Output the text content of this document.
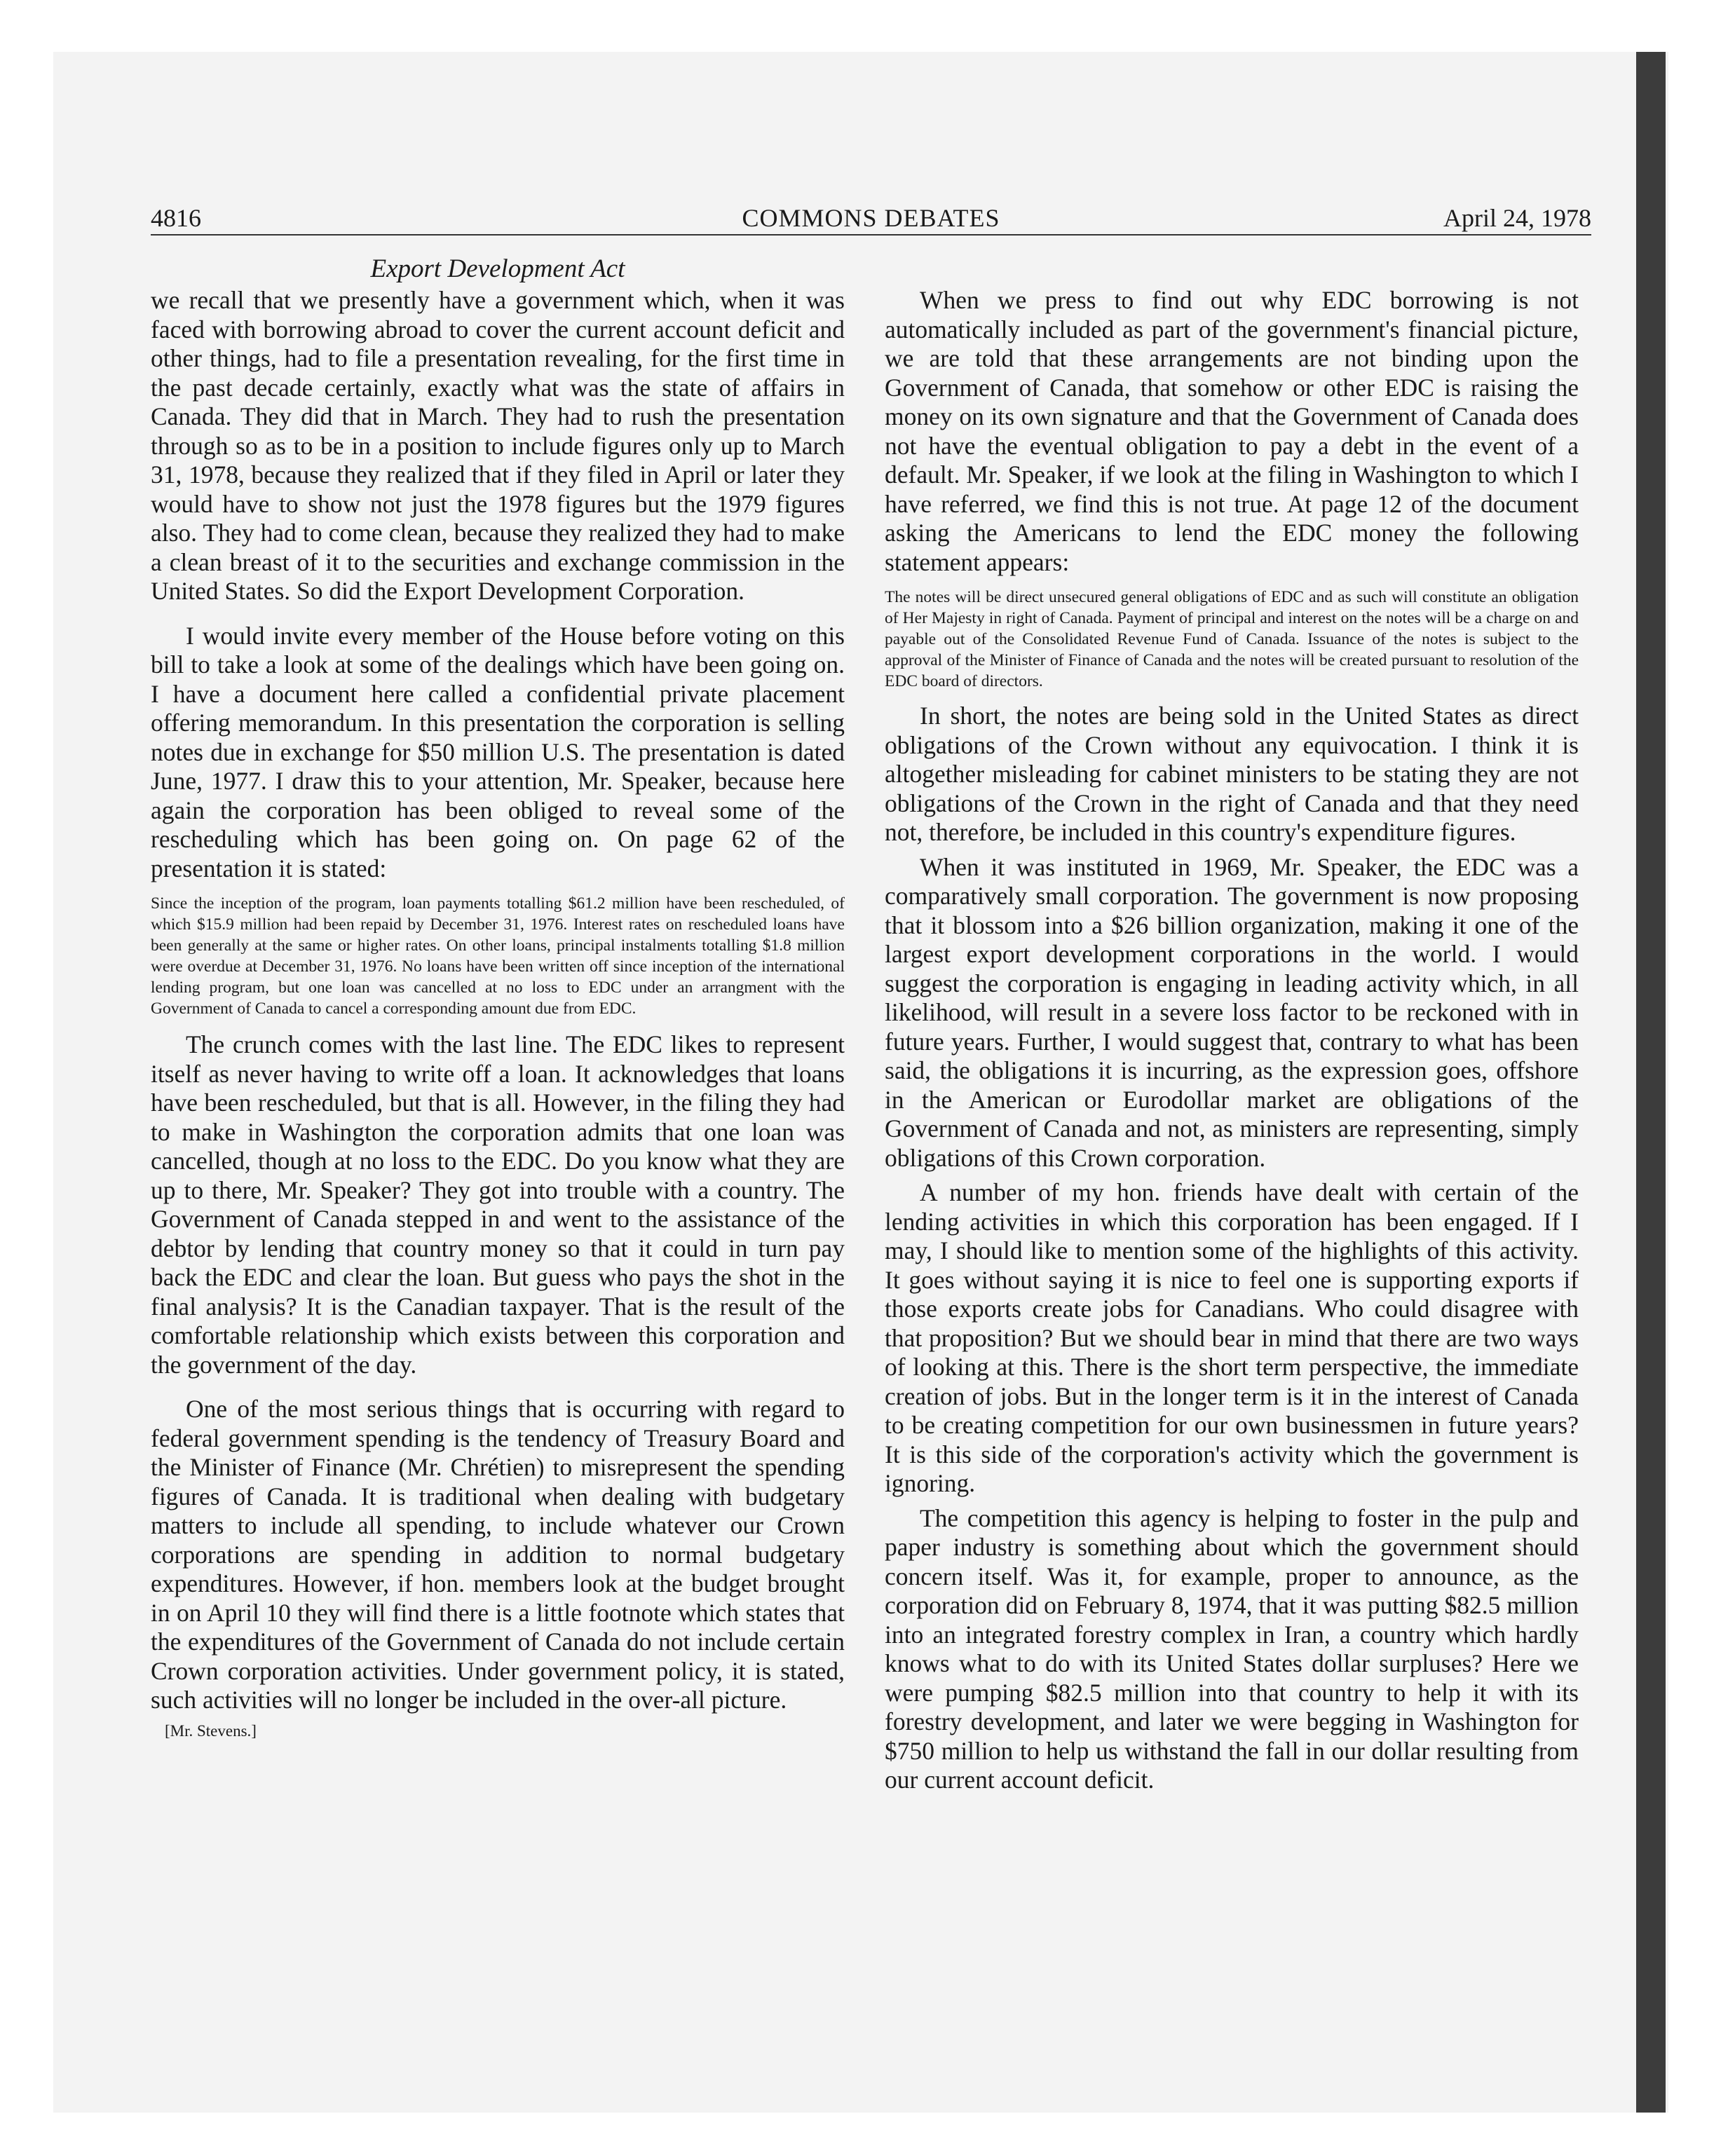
4816	COMMONS DEBATES	April 24, 1978
Export Development Act

we recall that we presently have a government which, when it was faced with borrowing abroad to cover the current account deficit and other things, had to file a presentation revealing, for the first time in the past decade certainly, exactly what was the state of affairs in Canada. They did that in March. They had to rush the presentation through so as to be in a position to include figures only up to March 31, 1978, because they realized that if they filed in April or later they would have to show not just the 1978 figures but the 1979 figures also. They had to come clean, because they realized they had to make a clean breast of it to the securities and exchange commission in the United States. So did the Export Development Corporation.

I would invite every member of the House before voting on this bill to take a look at some of the dealings which have been going on. I have a document here called a confidential private placement offering memorandum. In this presentation the corporation is selling notes due in exchange for $50 million U.S. The presentation is dated June, 1977. I draw this to your attention, Mr. Speaker, because here again the corporation has been obliged to reveal some of the rescheduling which has been going on. On page 62 of the presentation it is stated:

Since the inception of the program, loan payments totalling $61.2 million have been rescheduled, of which $15.9 million had been repaid by December 31, 1976. Interest rates on rescheduled loans have been generally at the same or higher rates. On other loans, principal instalments totalling $1.8 million were overdue at December 31, 1976. No loans have been written off since inception of the international lending program, but one loan was cancelled at no loss to EDC under an arrangment with the Government of Canada to cancel a corresponding amount due from EDC.

The crunch comes with the last line. The EDC likes to represent itself as never having to write off a loan. It acknowledges that loans have been rescheduled, but that is all. However, in the filing they had to make in Washington the corporation admits that one loan was cancelled, though at no loss to the EDC. Do you know what they are up to there, Mr. Speaker? They got into trouble with a country. The Government of Canada stepped in and went to the assistance of the debtor by lending that country money so that it could in turn pay back the EDC and clear the loan. But guess who pays the shot in the final analysis? It is the Canadian taxpayer. That is the result of the comfortable relationship which exists between this corporation and the government of the day.

One of the most serious things that is occurring with regard to federal government spending is the tendency of Treasury Board and the Minister of Finance (Mr. Chrétien) to misrepresent the spending figures of Canada. It is traditional when dealing with budgetary matters to include all spending, to include whatever our Crown corporations are spending in addition to normal budgetary expenditures. However, if hon. members look at the budget brought in on April 10 they will find there is a little footnote which states that the expenditures of the Government of Canada do not include certain Crown corporation activities. Under government policy, it is stated, such activities will no longer be included in the over-all picture.

[Mr. Stevens.]

When we press to find out why EDC borrowing is not automatically included as part of the government's financial picture, we are told that these arrangements are not binding upon the Government of Canada, that somehow or other EDC is raising the money on its own signature and that the Government of Canada does not have the eventual obligation to pay a debt in the event of a default. Mr. Speaker, if we look at the filing in Washington to which I have referred, we find this is not true. At page 12 of the document asking the Americans to lend the EDC money the following statement appears:

The notes will be direct unsecured general obligations of EDC and as such will constitute an obligation of Her Majesty in right of Canada. Payment of principal and interest on the notes will be a charge on and payable out of the Consolidated Revenue Fund of Canada. Issuance of the notes is subject to the approval of the Minister of Finance of Canada and the notes will be created pursuant to resolution of the EDC board of directors.

In short, the notes are being sold in the United States as direct obligations of the Crown without any equivocation. I think it is altogether misleading for cabinet ministers to be stating they are not obligations of the Crown in the right of Canada and that they need not, therefore, be included in this country's expenditure figures.

When it was instituted in 1969, Mr. Speaker, the EDC was a comparatively small corporation. The government is now proposing that it blossom into a $26 billion organization, making it one of the largest export development corporations in the world. I would suggest the corporation is engaging in leading activity which, in all likelihood, will result in a severe loss factor to be reckoned with in future years. Further, I would suggest that, contrary to what has been said, the obligations it is incurring, as the expression goes, offshore in the American or Eurodollar market are obligations of the Government of Canada and not, as ministers are representing, simply obligations of this Crown corporation.

A number of my hon. friends have dealt with certain of the lending activities in which this corporation has been engaged. If I may, I should like to mention some of the highlights of this activity. It goes without saying it is nice to feel one is supporting exports if those exports create jobs for Canadians. Who could disagree with that proposition? But we should bear in mind that there are two ways of looking at this. There is the short term perspective, the immediate creation of jobs. But in the longer term is it in the interest of Canada to be creating competition for our own businessmen in future years? It is this side of the corporation's activity which the government is ignoring.

The competition this agency is helping to foster in the pulp and paper industry is something about which the government should concern itself. Was it, for example, proper to announce, as the corporation did on February 8, 1974, that it was putting $82.5 million into an integrated forestry complex in Iran, a country which hardly knows what to do with its United States dollar surpluses? Here we were pumping $82.5 million into that country to help it with its forestry development, and later we were begging in Washington for $750 million to help us withstand the fall in our dollar resulting from our current account deficit.
